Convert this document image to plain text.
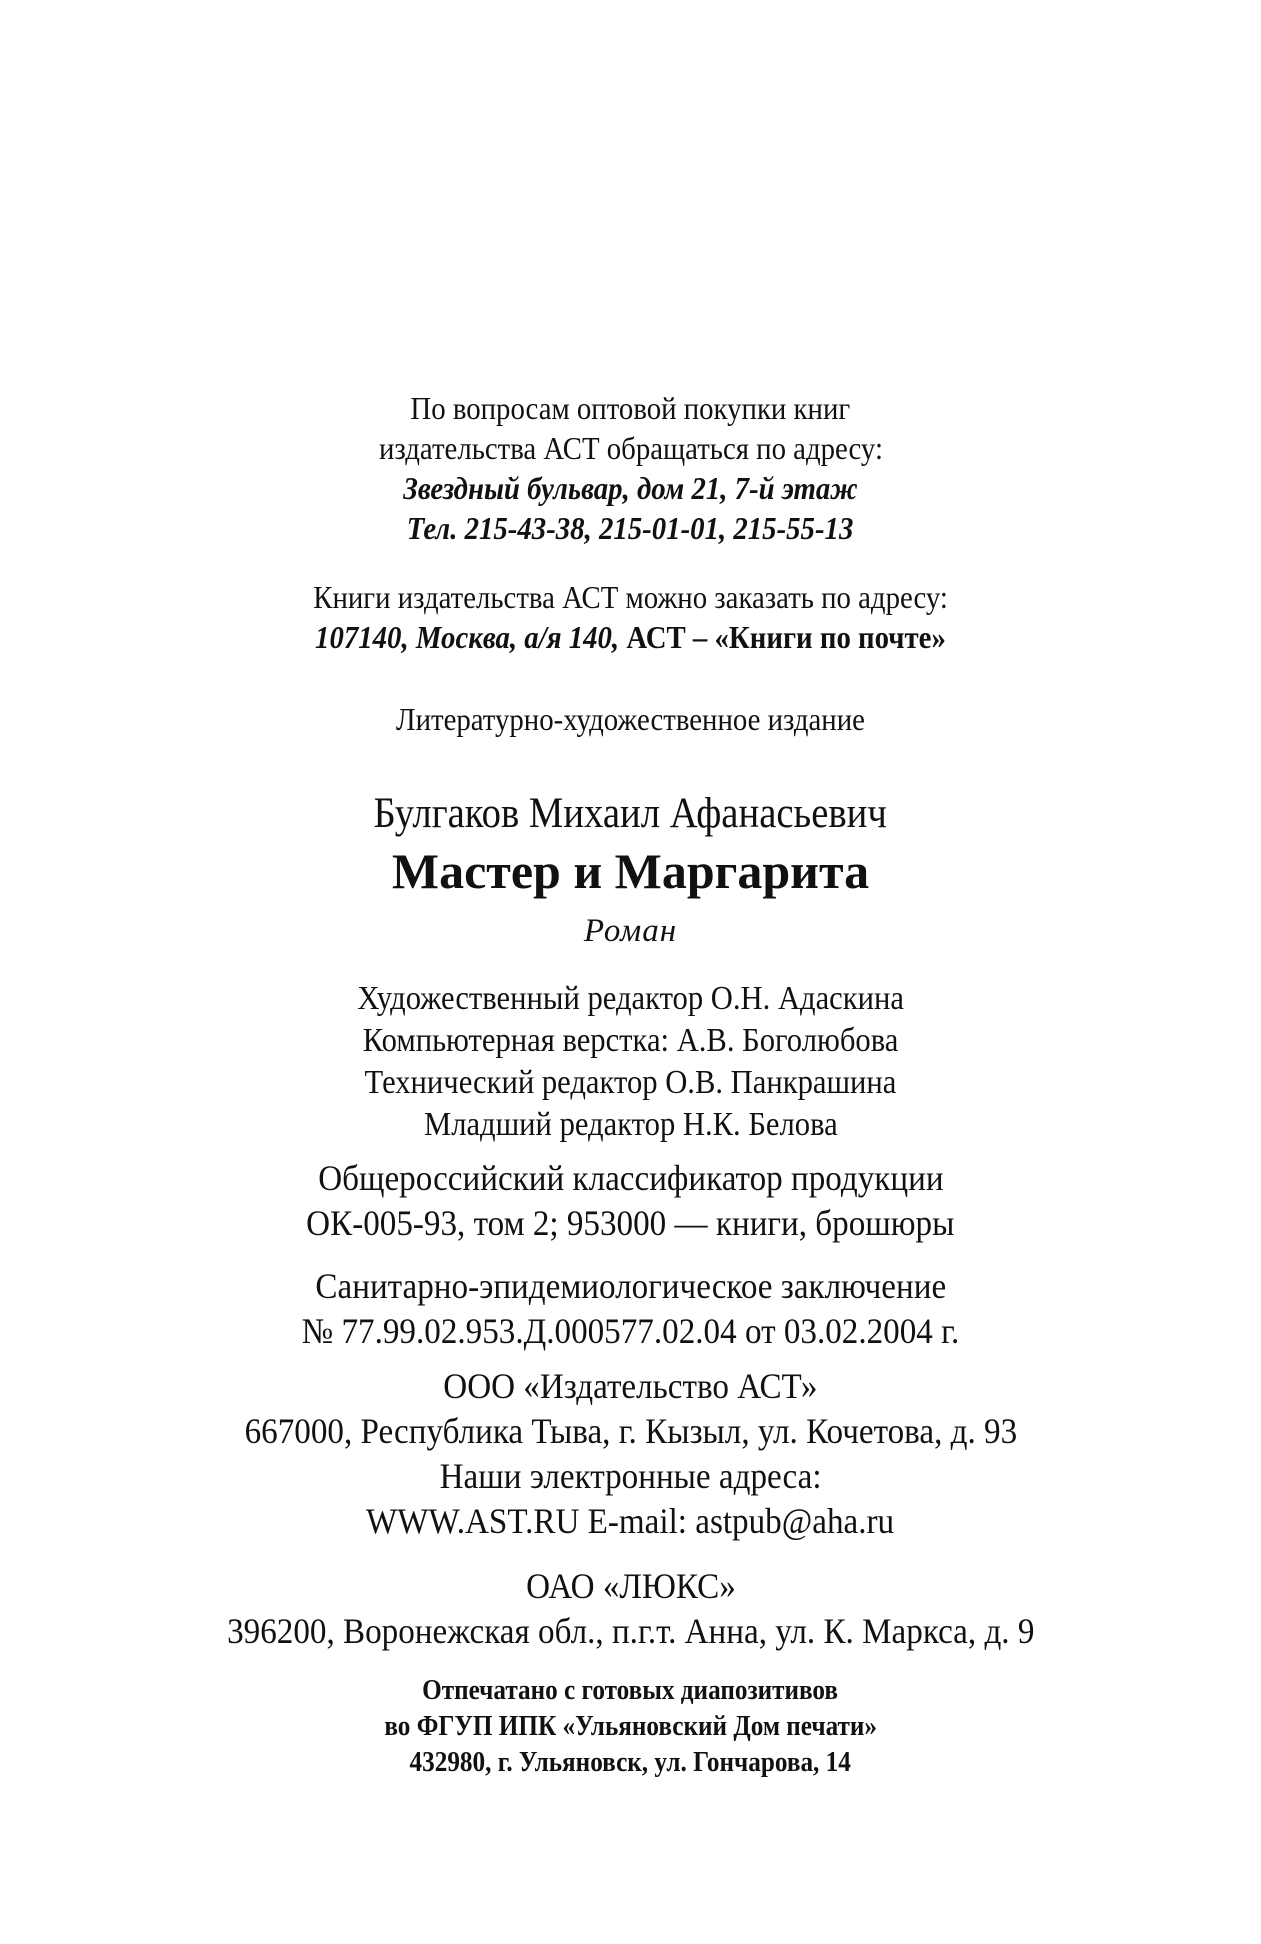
По вопросам оптовой покупки книг
издательства АСТ обращаться по адресу:
Звездный бульвар, дом 21, 7-й этаж
Тел. 215-43-38, 215-01-01, 215-55-13
Книги издательства АСТ можно заказать по адресу:
107140, Москва, а/я 140, АСТ – «Книги по почте»
Литературно-художественное издание
Булгаков Михаил Афанасьевич
Мастер и Маргарита
Роман
Художественный редактор О.Н. Адаскина
Компьютерная верстка: А.В. Боголюбова
Технический редактор О.В. Панкрашина
Младший редактор Н.К. Белова
Общероссийский классификатор продукции
ОК-005-93, том 2; 953000 — книги, брошюры
Санитарно-эпидемиологическое заключение
№ 77.99.02.953.Д.000577.02.04 от 03.02.2004 г.
ООО «Издательство АСТ»
667000, Республика Тыва, г. Кызыл, ул. Кочетова, д. 93
Наши электронные адреса:
WWW.AST.RU E-mail: astpub@aha.ru
ОАО «ЛЮКС»
396200, Воронежская обл., п.г.т. Анна, ул. К. Маркса, д. 9
Отпечатано с готовых диапозитивов
во ФГУП ИПК «Ульяновский Дом печати»
432980, г. Ульяновск, ул. Гончарова, 14
